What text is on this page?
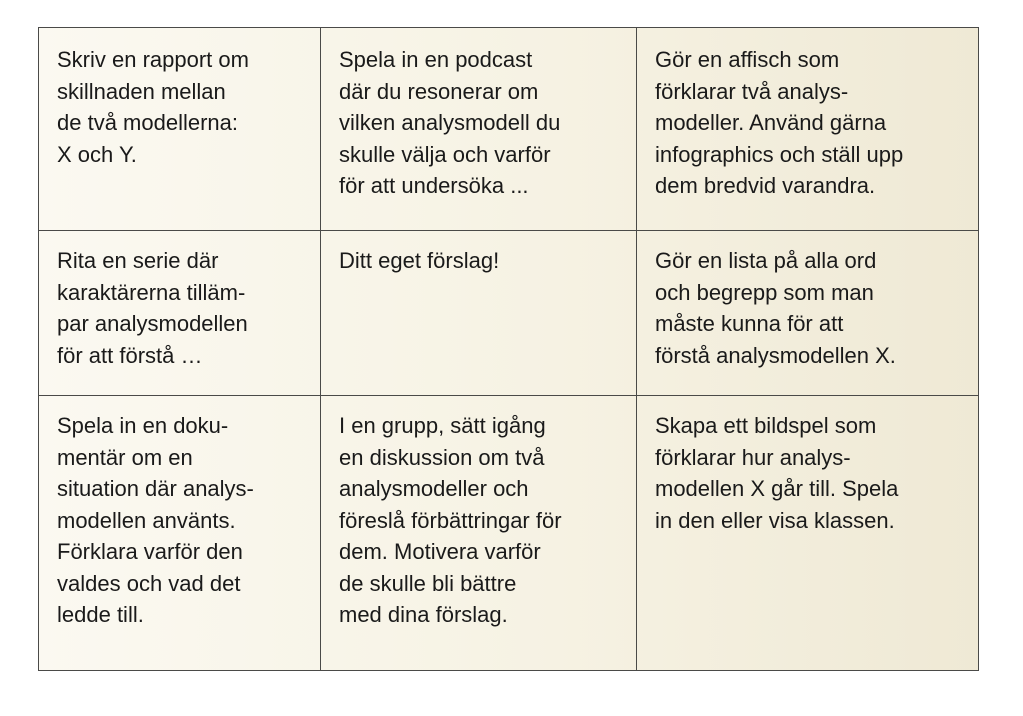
Skriv en rapport om
skillnaden mellan
de två modellerna:
X och Y.
Spela in en podcast
där du resonerar om
vilken analysmodell du
skulle välja och varför
för att undersöka ...
Gör en affisch som
förklarar två analys-
modeller. Använd gärna
infographics och ställ upp
dem bredvid varandra.
Rita en serie där
karaktärerna tilläm-
par analysmodellen
för att förstå …
Ditt eget förslag!	Gör en lista på alla ord
och begrepp som man
måste kunna för att
förstå analysmodellen X.
Spela in en doku-
mentär om en
situation där analys-
modellen använts.
Förklara varför den
valdes och vad det
ledde till.
I en grupp, sätt igång
en diskussion om två
analysmodeller och
föreslå förbättringar för
dem. Motivera varför
de skulle bli bättre
med dina förslag.
Skapa ett bildspel som
förklarar hur analys-
modellen X går till. Spela
in den eller visa klassen.
